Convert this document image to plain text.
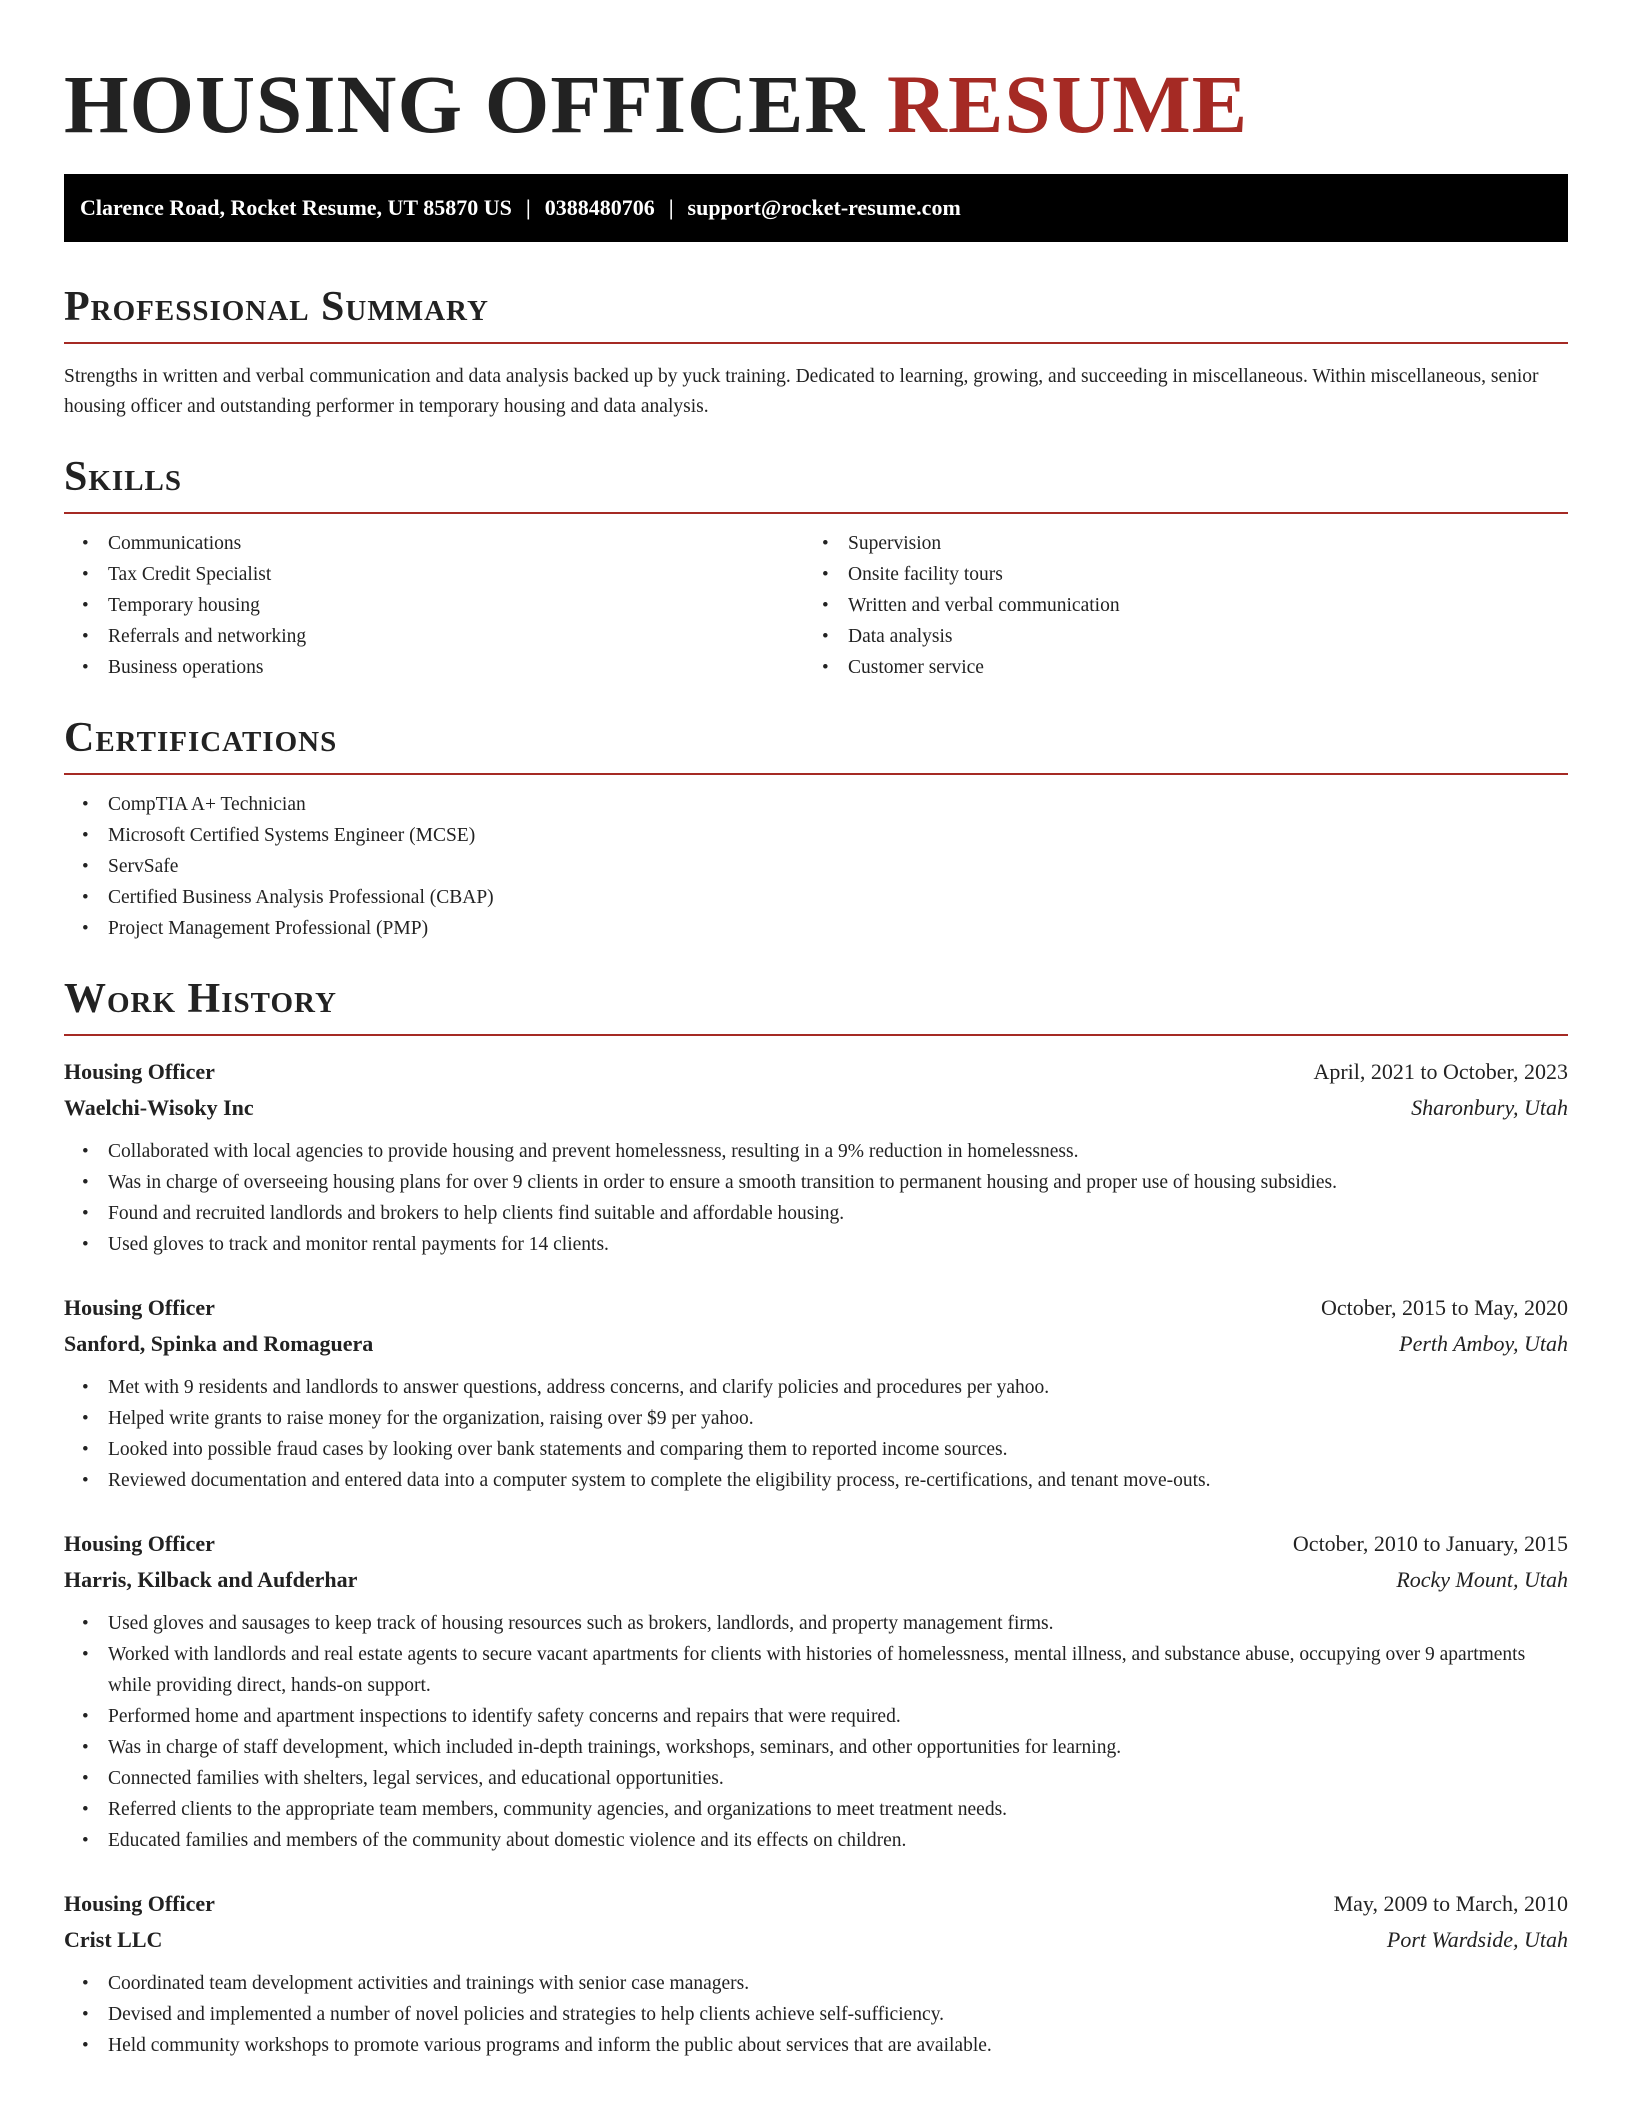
HOUSING OFFICER RESUME
Clarence Road, Rocket Resume, UT 85870 US | 0388480706 | support@rocket-resume.com
Professional Summary

Strengths in written and verbal communication and data analysis backed up by yuck training. Dedicated to learning, growing, and succeeding in miscellaneous. Within miscellaneous, senior housing officer and outstanding performer in temporary housing and data analysis.

Skills
• Communications
• Tax Credit Specialist
• Temporary housing
• Referrals and networking
• Business operations
• Supervision
• Onsite facility tours
• Written and verbal communication
• Data analysis
• Customer service
Certifications
• CompTIA A+ Technician
• Microsoft Certified Systems Engineer (MCSE)
• ServSafe
• Certified Business Analysis Professional (CBAP)
• Project Management Professional (PMP)
Work History
Housing Officer	April, 2021 to October, 2023
Waelchi-Wisoky Inc	Sharonbury, Utah
• Collaborated with local agencies to provide housing and prevent homelessness, resulting in a 9% reduction in homelessness.
• Was in charge of overseeing housing plans for over 9 clients in order to ensure a smooth transition to permanent housing and proper use of housing subsidies.
• Found and recruited landlords and brokers to help clients find suitable and affordable housing.
• Used gloves to track and monitor rental payments for 14 clients.
Housing Officer	October, 2015 to May, 2020
Sanford, Spinka and Romaguera	Perth Amboy, Utah
• Met with 9 residents and landlords to answer questions, address concerns, and clarify policies and procedures per yahoo.
• Helped write grants to raise money for the organization, raising over $9 per yahoo.
• Looked into possible fraud cases by looking over bank statements and comparing them to reported income sources.
• Reviewed documentation and entered data into a computer system to complete the eligibility process, re-certifications, and tenant move-outs.
Housing Officer	October, 2010 to January, 2015
Harris, Kilback and Aufderhar	Rocky Mount, Utah
• Used gloves and sausages to keep track of housing resources such as brokers, landlords, and property management firms.
• Worked with landlords and real estate agents to secure vacant apartments for clients with histories of homelessness, mental illness, and substance abuse, occupying over 9 apartments while providing direct, hands-on support.
• Performed home and apartment inspections to identify safety concerns and repairs that were required.
• Was in charge of staff development, which included in-depth trainings, workshops, seminars, and other opportunities for learning.
• Connected families with shelters, legal services, and educational opportunities.
• Referred clients to the appropriate team members, community agencies, and organizations to meet treatment needs.
• Educated families and members of the community about domestic violence and its effects on children.
Housing Officer	May, 2009 to March, 2010
Crist LLC	Port Wardside, Utah
• Coordinated team development activities and trainings with senior case managers.
• Devised and implemented a number of novel policies and strategies to help clients achieve self-sufficiency.
• Held community workshops to promote various programs and inform the public about services that are available.
